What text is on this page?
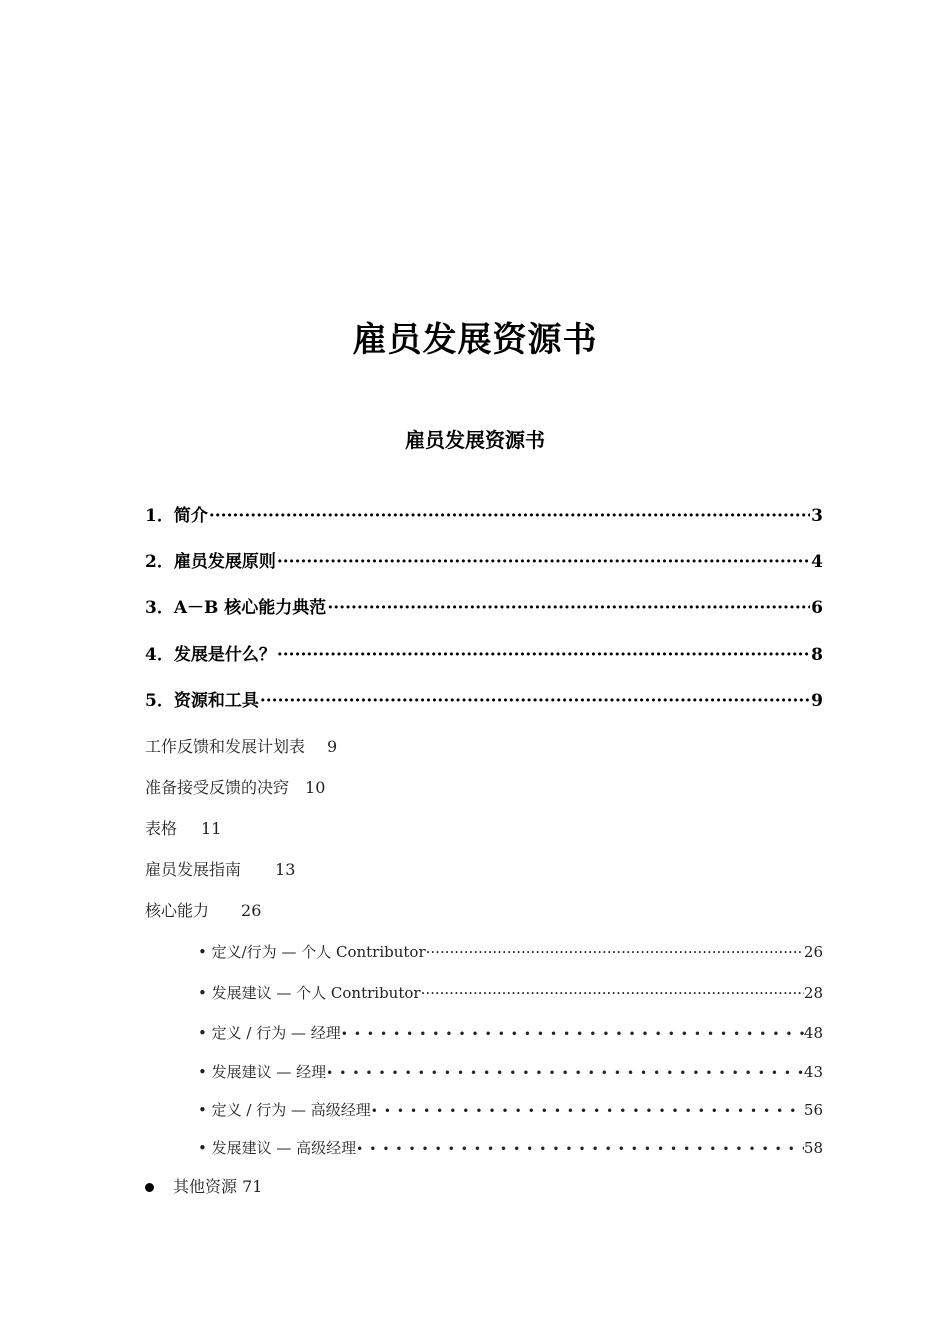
雇员发展资源书
雇员发展资源书
1．简介 ·····	3
2．雇员发展原则 ·····	4
3．A－B 核心能力典范 ·····	6
4．发展是什么？ ·····	8
5．资源和工具 ·····	9
工作反馈和发展计划表 9
准备接受反馈的决窍 10
表格 11
雇员发展指南 13
核心能力 26
• 定义/行为 — 个人 Contributor ·····	26
• 发展建议 — 个人 Contributor ·····	28
• 定义 / 行为 — 经理 •••••	48
• 发展建议 — 经理 •••••	43
• 定义 / 行为 — 高级经理 •••••	56
• 发展建议 — 高级经理 •••••	58
其他资源 71
